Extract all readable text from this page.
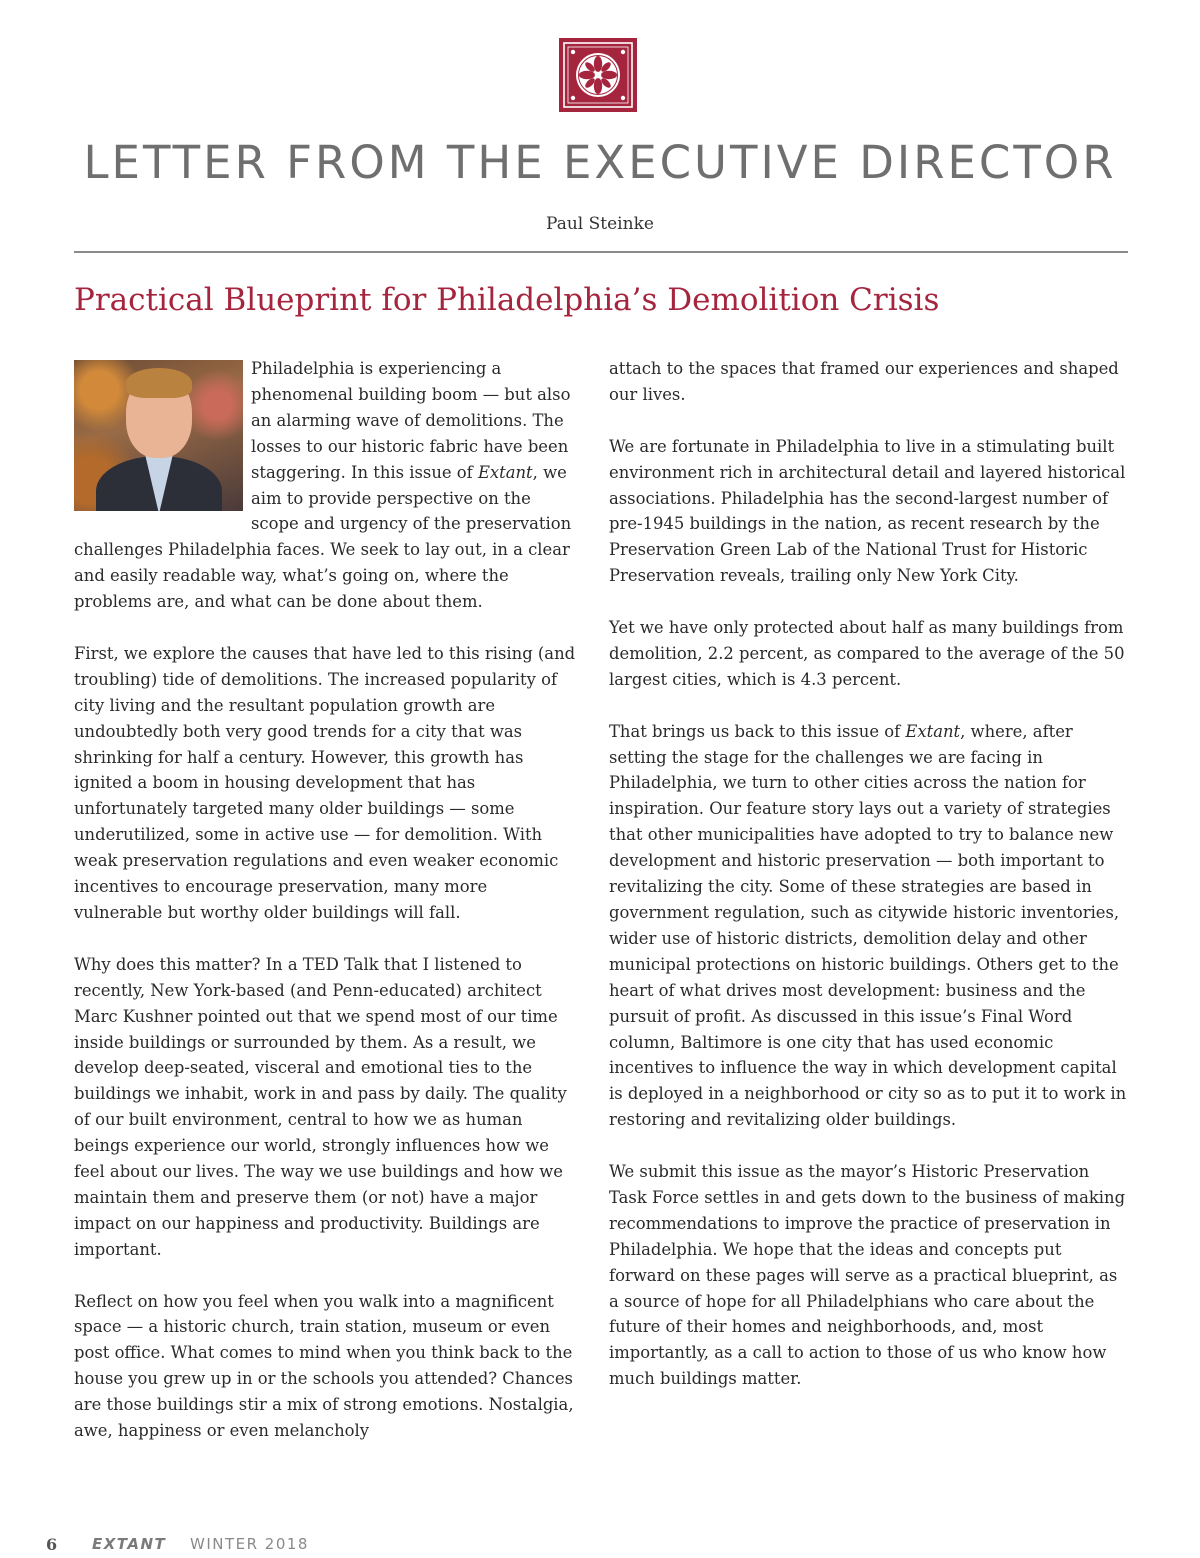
LETTER FROM THE EXECUTIVE DIRECTOR
Paul Steinke
Practical Blueprint for Philadelphia’s Demolition Crisis

Philadelphia is experiencing a phenomenal building boom — but also an alarming wave of demolitions. The losses to our historic fabric have been staggering. In this issue of Extant, we aim to provide perspective on the scope and urgency of the preservation challenges Philadelphia faces. We seek to lay out, in a clear and easily readable way, what’s going on, where the problems are, and what can be done about them.

First, we explore the causes that have led to this rising (and troubling) tide of demolitions. The increased popularity of city living and the resultant population growth are undoubtedly both very good trends for a city that was shrinking for half a century. However, this growth has ignited a boom in housing development that has unfortunately targeted many older buildings — some underutilized, some in active use — for demolition. With weak preservation regulations and even weaker economic incentives to encourage preservation, many more vulnerable but worthy older buildings will fall.

Why does this matter? In a TED Talk that I listened to recently, New York-based (and Penn-educated) architect Marc Kushner pointed out that we spend most of our time inside buildings or surrounded by them. As a result, we develop deep-seated, visceral and emotional ties to the buildings we inhabit, work in and pass by daily. The quality of our built environment, central to how we as human beings experience our world, strongly influences how we feel about our lives. The way we use buildings and how we maintain them and preserve them (or not) have a major impact on our happiness and productivity. Buildings are important.

Reflect on how you feel when you walk into a magnificent space — a historic church, train station, museum or even post office. What comes to mind when you think back to the house you grew up in or the schools you attended? Chances are those buildings stir a mix of strong emotions. Nostalgia, awe, happiness or even melancholy

attach to the spaces that framed our experiences and shaped our lives.

We are fortunate in Philadelphia to live in a stimulating built environment rich in architectural detail and layered historical associations. Philadelphia has the second-largest number of pre-1945 buildings in the nation, as recent research by the Preservation Green Lab of the National Trust for Historic Preservation reveals, trailing only New York City.

Yet we have only protected about half as many buildings from demolition, 2.2 percent, as compared to the average of the 50 largest cities, which is 4.3 percent.

That brings us back to this issue of Extant, where, after setting the stage for the challenges we are facing in Philadelphia, we turn to other cities across the nation for inspiration. Our feature story lays out a variety of strategies that other municipalities have adopted to try to balance new development and historic preservation — both important to revitalizing the city. Some of these strategies are based in government regulation, such as citywide historic inventories, wider use of historic districts, demolition delay and other municipal protections on historic buildings. Others get to the heart of what drives most development: business and the pursuit of profit. As discussed in this issue’s Final Word column, Baltimore is one city that has used economic incentives to influence the way in which development capital is deployed in a neighborhood or city so as to put it to work in restoring and revitalizing older buildings.

We submit this issue as the mayor’s Historic Preservation Task Force settles in and gets down to the business of making recommendations to improve the practice of preservation in Philadelphia. We hope that the ideas and concepts put forward on these pages will serve as a practical blueprint, as a source of hope for all Philadelphians who care about the future of their homes and neighborhoods, and, most importantly, as a call to action to those of us who know how much buildings matter.

6 EXTANT WINTER 2018
